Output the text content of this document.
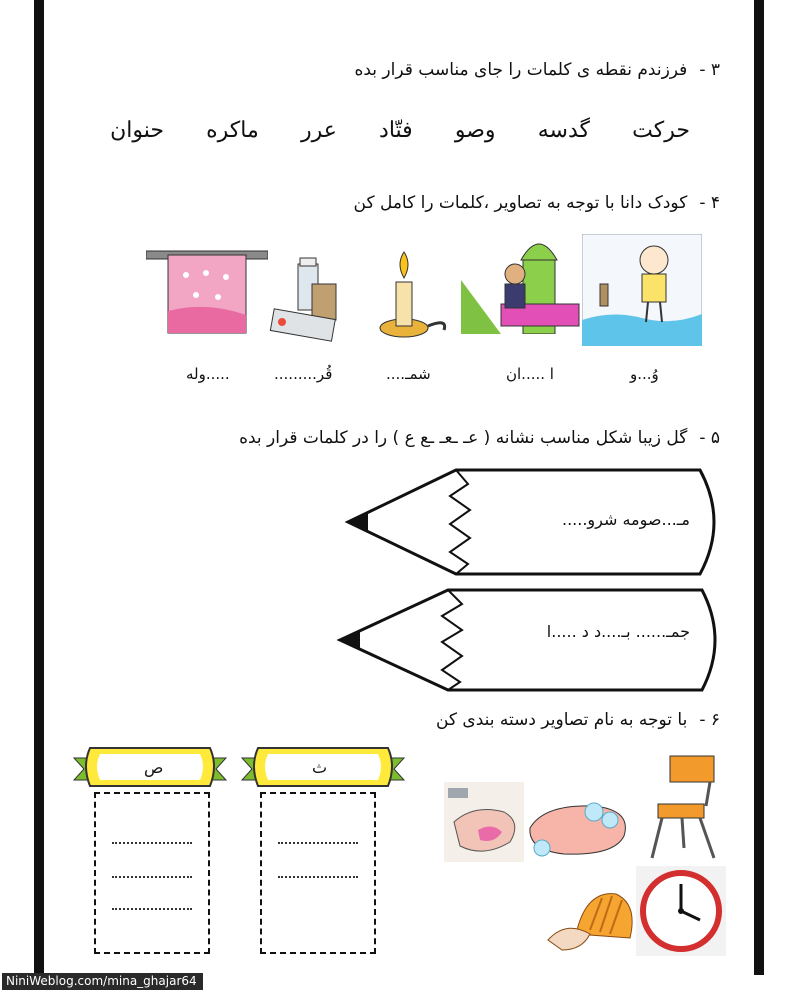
۳ -فرزندم نقطه ی کلمات را جای مناسب قرار بده
حرکت
گدسه
وصو
فتّاد
عرر
ماکره
حنوان
۴ -کودک دانا با توجه به تصاویر ،کلمات را کامل کن
وُ...و
ا .....ان
شمـ....
قُر.........
.....وله
۵ -گل زیبا شکل مناسب نشانه ( عـ ـعـ ـع ع ) را در کلمات قرار بده
مـ...صومه شرو.....
جمـ...... بـ....د د .....ا
۶ -با توجه به نام تصاویر دسته بندی کن
ص	ث
NiniWeblog.com/mina_ghajar64
